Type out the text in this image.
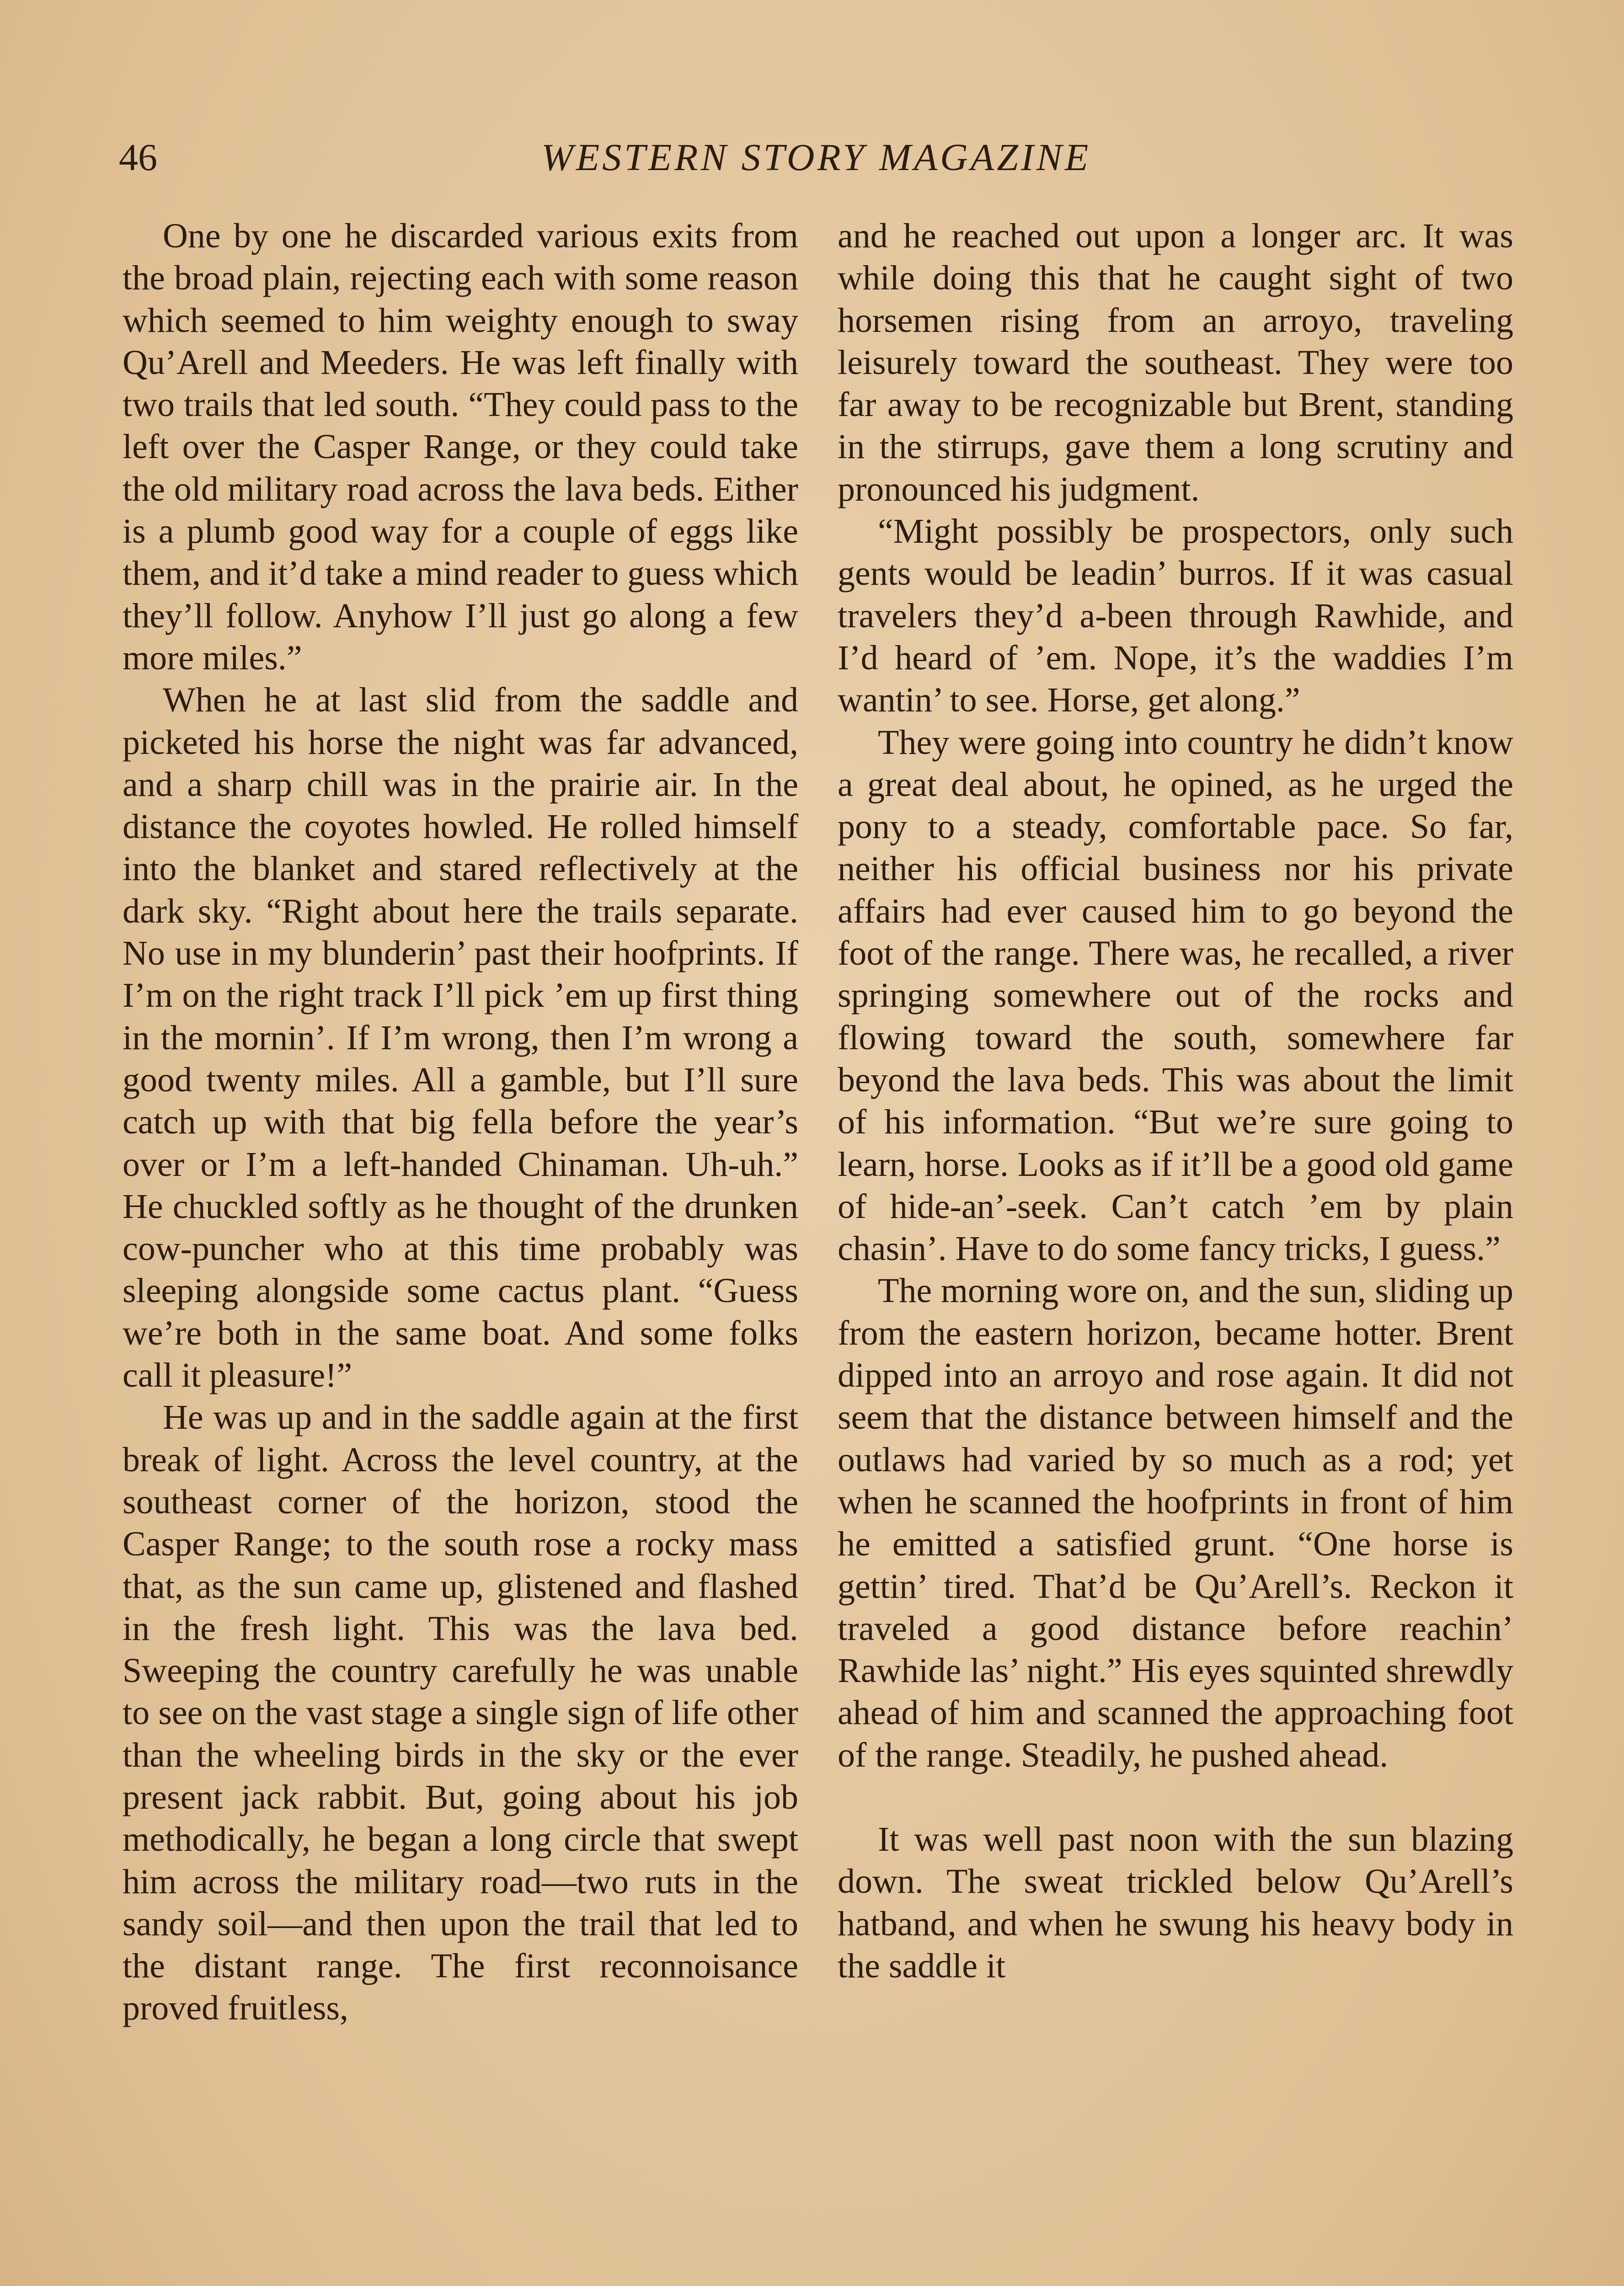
46	WESTERN STORY MAGAZINE

One by one he discarded various exits from the broad plain, rejecting each with some reason which seemed to him weighty enough to sway Qu’Arell and Meeders. He was left finally with two trails that led south. “They could pass to the left over the Casper Range, or they could take the old military road across the lava beds. Either is a plumb good way for a couple of eggs like them, and it’d take a mind reader to guess which they’ll follow. Anyhow I’ll just go along a few more miles.”

When he at last slid from the saddle and picketed his horse the night was far advanced, and a sharp chill was in the prairie air. In the distance the coyotes howled. He rolled himself into the blanket and stared reflectively at the dark sky. “Right about here the trails separate. No use in my blunderin’ past their hoofprints. If I’m on the right track I’ll pick ’em up first thing in the mornin’. If I’m wrong, then I’m wrong a good twenty miles. All a gamble, but I’ll sure catch up with that big fella before the year’s over or I’m a left-handed Chinaman. Uh-uh.” He chuckled softly as he thought of the drunken cow-puncher who at this time probably was sleeping alongside some cactus plant. “Guess we’re both in the same boat. And some folks call it pleasure!”

He was up and in the saddle again at the first break of light. Across the level country, at the southeast corner of the horizon, stood the Casper Range; to the south rose a rocky mass that, as the sun came up, glistened and flashed in the fresh light. This was the lava bed. Sweeping the country carefully he was unable to see on the vast stage a single sign of life other than the wheeling birds in the sky or the ever present jack rabbit. But, going about his job methodically, he began a long circle that swept him across the military road—two ruts in the sandy soil—and then upon the trail that led to the distant range. The first reconnoisance proved fruitless,

and he reached out upon a longer arc. It was while doing this that he caught sight of two horsemen rising from an arroyo, traveling leisurely toward the southeast. They were too far away to be recognizable but Brent, standing in the stirrups, gave them a long scrutiny and pronounced his judgment.

“Might possibly be prospectors, only such gents would be leadin’ burros. If it was casual travelers they’d a-been through Rawhide, and I’d heard of ’em. Nope, it’s the waddies I’m wantin’ to see. Horse, get along.”

They were going into country he didn’t know a great deal about, he opined, as he urged the pony to a steady, comfortable pace. So far, neither his official business nor his private affairs had ever caused him to go beyond the foot of the range. There was, he recalled, a river springing somewhere out of the rocks and flowing toward the south, somewhere far beyond the lava beds. This was about the limit of his information. “But we’re sure going to learn, horse. Looks as if it’ll be a good old game of hide-an’-seek. Can’t catch ’em by plain chasin’. Have to do some fancy tricks, I guess.”

The morning wore on, and the sun, sliding up from the eastern horizon, became hotter. Brent dipped into an arroyo and rose again. It did not seem that the distance between himself and the outlaws had varied by so much as a rod; yet when he scanned the hoofprints in front of him he emitted a satisfied grunt. “One horse is gettin’ tired. That’d be Qu’Arell’s. Reckon it traveled a good distance before reachin’ Rawhide las’ night.” His eyes squinted shrewdly ahead of him and scanned the approaching foot of the range. Steadily, he pushed ahead.

It was well past noon with the sun blazing down. The sweat trickled below Qu’Arell’s hatband, and when he swung his heavy body in the saddle it
